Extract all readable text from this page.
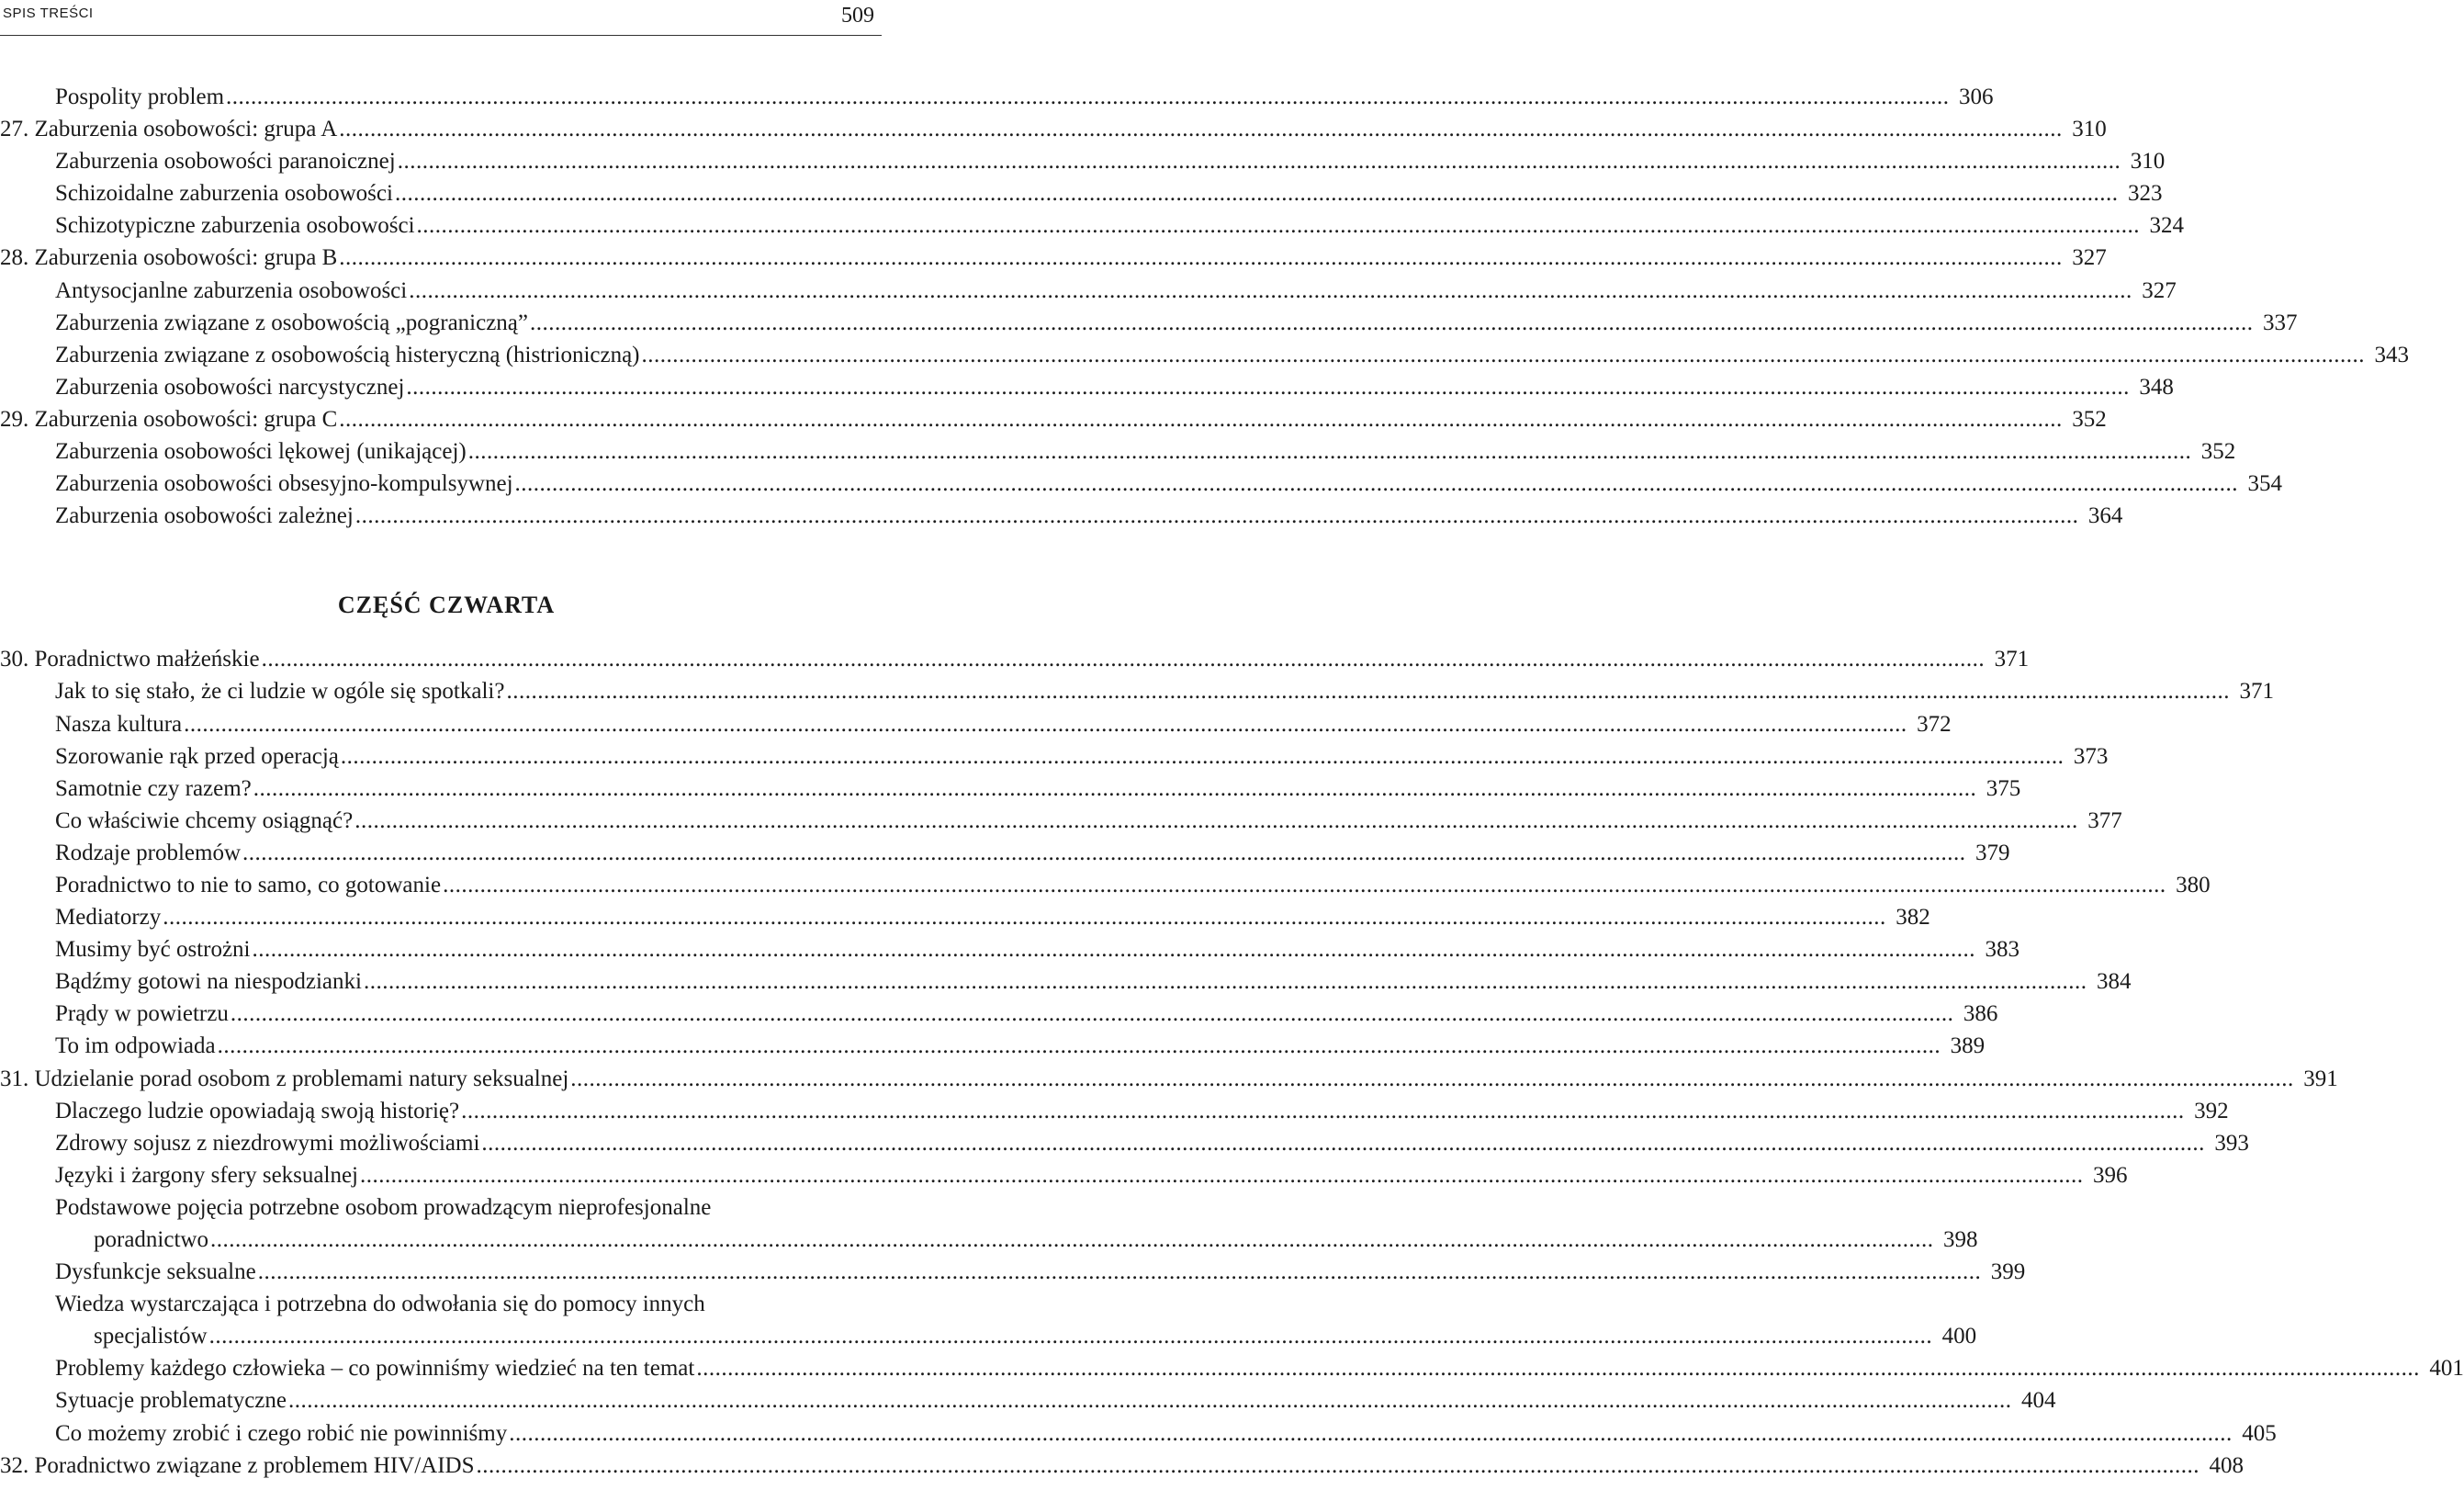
SPIS TREŚCI	509
Pospolity problem ...................................................................................................................................................................................................................................................................................... 306
27. Zaburzenia osobowości: grupa A ...................................................................................................................................................................................................................................................................................... 310
Zaburzenia osobowości paranoicznej ...................................................................................................................................................................................................................................................................................... 310
Schizoidalne zaburzenia osobowości ...................................................................................................................................................................................................................................................................................... 323
Schizotypiczne zaburzenia osobowości ...................................................................................................................................................................................................................................................................................... 324
28. Zaburzenia osobowości: grupa B ...................................................................................................................................................................................................................................................................................... 327
Antysocjanlne zaburzenia osobowości ...................................................................................................................................................................................................................................................................................... 327
Zaburzenia związane z osobowością „pograniczną” ...................................................................................................................................................................................................................................................................................... 337
Zaburzenia związane z osobowością histeryczną (histrioniczną) ...................................................................................................................................................................................................................................................................................... 343
Zaburzenia osobowości narcystycznej ...................................................................................................................................................................................................................................................................................... 348
29. Zaburzenia osobowości: grupa C ...................................................................................................................................................................................................................................................................................... 352
Zaburzenia osobowości lękowej (unikającej) ...................................................................................................................................................................................................................................................................................... 352
Zaburzenia osobowości obsesyjno-kompulsywnej ...................................................................................................................................................................................................................................................................................... 354
Zaburzenia osobowości zależnej ...................................................................................................................................................................................................................................................................................... 364
CZĘŚĆ CZWARTA
30. Poradnictwo małżeńskie ...................................................................................................................................................................................................................................................................................... 371
Jak to się stało, że ci ludzie w ogóle się spotkali? ...................................................................................................................................................................................................................................................................................... 371
Nasza kultura ...................................................................................................................................................................................................................................................................................... 372
Szorowanie rąk przed operacją ...................................................................................................................................................................................................................................................................................... 373
Samotnie czy razem? ...................................................................................................................................................................................................................................................................................... 375
Co właściwie chcemy osiągnąć? ...................................................................................................................................................................................................................................................................................... 377
Rodzaje problemów ...................................................................................................................................................................................................................................................................................... 379
Poradnictwo to nie to samo, co gotowanie ...................................................................................................................................................................................................................................................................................... 380
Mediatorzy ...................................................................................................................................................................................................................................................................................... 382
Musimy być ostrożni ...................................................................................................................................................................................................................................................................................... 383
Bądźmy gotowi na niespodzianki ...................................................................................................................................................................................................................................................................................... 384
Prądy w powietrzu ...................................................................................................................................................................................................................................................................................... 386
To im odpowiada ...................................................................................................................................................................................................................................................................................... 389
31. Udzielanie porad osobom z problemami natury seksualnej ...................................................................................................................................................................................................................................................................................... 391
Dlaczego ludzie opowiadają swoją historię? ...................................................................................................................................................................................................................................................................................... 392
Zdrowy sojusz z niezdrowymi możliwościami ...................................................................................................................................................................................................................................................................................... 393
Języki i żargony sfery seksualnej ...................................................................................................................................................................................................................................................................................... 396
Podstawowe pojęcia potrzebne osobom prowadzącym nieprofesjonalne
poradnictwo ...................................................................................................................................................................................................................................................................................... 398
Dysfunkcje seksualne ...................................................................................................................................................................................................................................................................................... 399
Wiedza wystarczająca i potrzebna do odwołania się do pomocy innych
specjalistów ...................................................................................................................................................................................................................................................................................... 400
Problemy każdego człowieka – co powinniśmy wiedzieć na ten temat ...................................................................................................................................................................................................................................................................................... 401
Sytuacje problematyczne ...................................................................................................................................................................................................................................................................................... 404
Co możemy zrobić i czego robić nie powinniśmy ...................................................................................................................................................................................................................................................................................... 405
32. Poradnictwo związane z problemem HIV/AIDS ...................................................................................................................................................................................................................................................................................... 408
